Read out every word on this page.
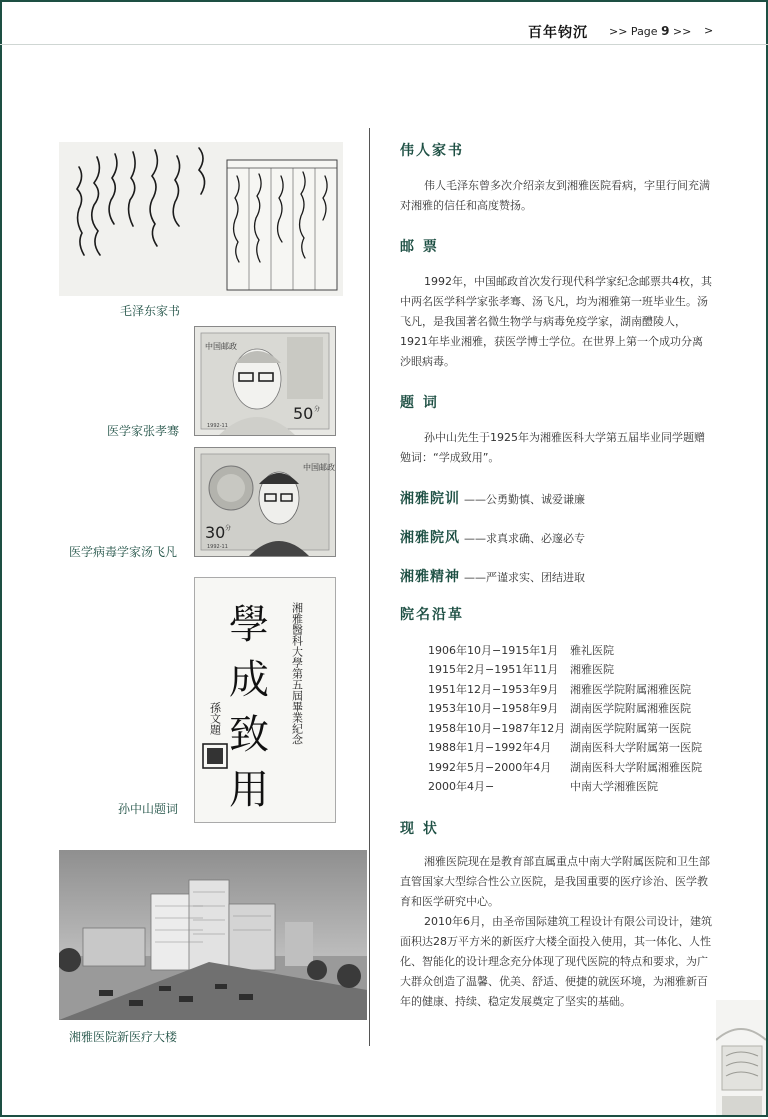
百年钧沉 >> Page 9 >> >
毛泽东家书
中国邮政
50 分
1992-11
医学家张孝骞
中国邮政
30 分
1992-11
医学病毒学家汤飞凡
學
成
致
用
湘雅醫科大學第五屆畢業紀念
孫文題
孙中山题词
湘雅医院新医疗大楼
伟人家书
伟人毛泽东曾多次介绍亲友到湘雅医院看病，字里行间充满对湘雅的信任和高度赞扬。
邮 票
1992年，中国邮政首次发行现代科学家纪念邮票共4枚，其中两名医学科学家张孝骞、汤飞凡，均为湘雅第一班毕业生。汤飞凡，是我国著名微生物学与病毒免疫学家，湖南醴陵人，1921年毕业湘雅，获医学博士学位。在世界上第一个成功分离沙眼病毒。
题 词
孙中山先生于1925年为湘雅医科大学第五届毕业同学题赠勉词：“学成致用”。
湘雅院训 ——公勇勤慎、诚爱谦廉
湘雅院风 ——求真求确、必邃必专
湘雅精神 ——严谨求实、团结进取
院名沿革
1906年10月−1915年1月	雅礼医院
1915年2月−1951年11月	湘雅医院
1951年12月−1953年9月	湘雅医学院附属湘雅医院
1953年10月−1958年9月	湖南医学院附属湘雅医院
1958年10月−1987年12月	湖南医学院附属第一医院
1988年1月−1992年4月	湖南医科大学附属第一医院
1992年5月−2000年4月	湖南医科大学附属湘雅医院
2000年4月−	中南大学湘雅医院
现 状
湘雅医院现在是教育部直属重点中南大学附属医院和卫生部直管国家大型综合性公立医院，是我国重要的医疗诊治、医学教育和医学研究中心。
2010年6月，由圣帝国际建筑工程设计有限公司设计，建筑面积达28万平方米的新医疗大楼全面投入使用，其一体化、人性化、智能化的设计理念充分体现了现代医院的特点和要求，为广大群众创造了温馨、优美、舒适、便捷的就医环境，为湘雅新百年的健康、持续、稳定发展奠定了坚实的基础。
